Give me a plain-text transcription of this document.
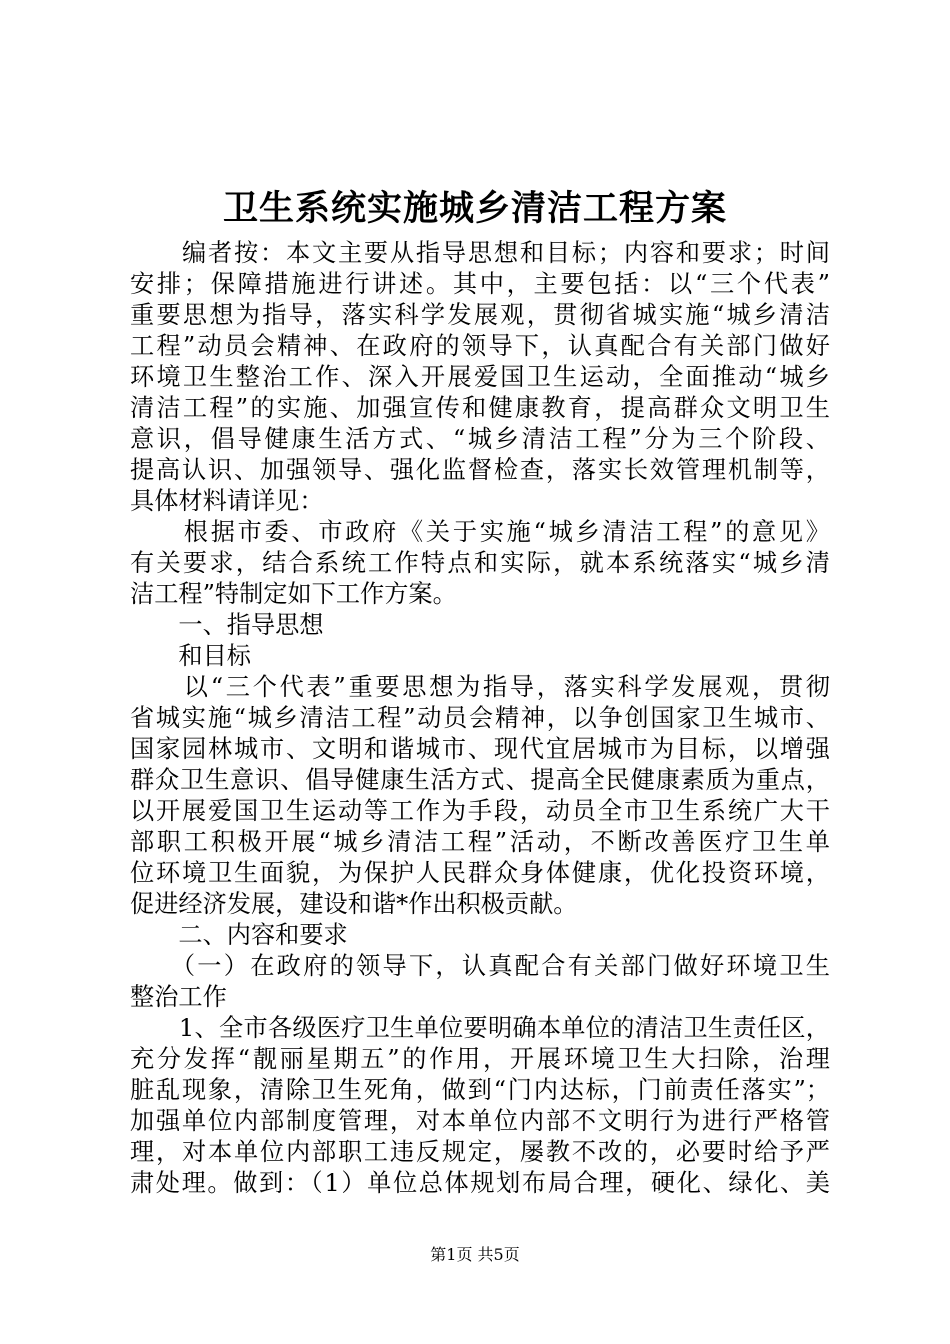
卫生系统实施城乡清洁工程方案
　　编者按：本文主要从指导思想和目标；内容和要求；时间
安排；保障措施进行讲述。其中，主要包括：以“三个代表”
重要思想为指导，落实科学发展观，贯彻省城实施“城乡清洁
工程”动员会精神、在政府的领导下，认真配合有关部门做好
环境卫生整治工作、深入开展爱国卫生运动，全面推动“城乡
清洁工程”的实施、加强宣传和健康教育，提高群众文明卫生
意识，倡导健康生活方式、“城乡清洁工程”分为三个阶段、
提高认识、加强领导、强化监督检查，落实长效管理机制等，
具体材料请详见：
　　根据市委、市政府《关于实施“城乡清洁工程”的意见》
有关要求，结合系统工作特点和实际，就本系统落实“城乡清
洁工程”特制定如下工作方案。
　　一、指导思想
　　和目标
　　以“三个代表”重要思想为指导，落实科学发展观，贯彻
省城实施“城乡清洁工程”动员会精神，以争创国家卫生城市、
国家园林城市、文明和谐城市、现代宜居城市为目标，以增强
群众卫生意识、倡导健康生活方式、提高全民健康素质为重点，
以开展爱国卫生运动等工作为手段，动员全市卫生系统广大干
部职工积极开展“城乡清洁工程”活动，不断改善医疗卫生单
位环境卫生面貌，为保护人民群众身体健康，优化投资环境，
促进经济发展，建设和谐*作出积极贡献。
　　二、内容和要求
　　（一）在政府的领导下，认真配合有关部门做好环境卫生
整治工作
　　1、全市各级医疗卫生单位要明确本单位的清洁卫生责任区，
充分发挥“靓丽星期五”的作用，开展环境卫生大扫除，治理
脏乱现象，清除卫生死角，做到“门内达标，门前责任落实”；
加强单位内部制度管理，对本单位内部不文明行为进行严格管
理，对本单位内部职工违反规定，屡教不改的，必要时给予严
肃处理。做到：（1）单位总体规划布局合理，硬化、绿化、美
第1页 共5页
